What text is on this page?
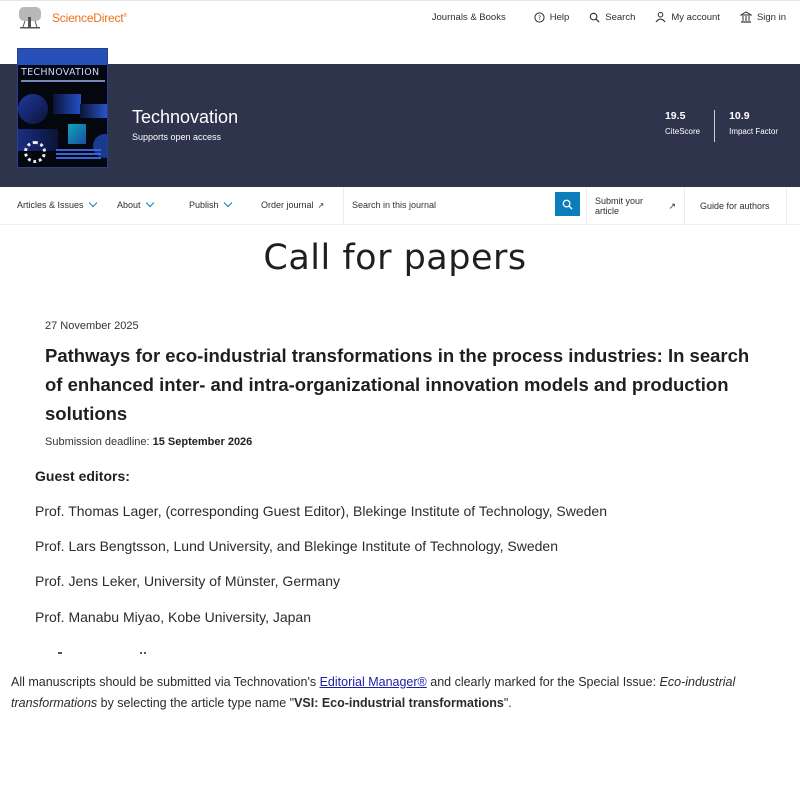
ScienceDirect®	Journals & Books	? Help	Search	My account	Sign in
Technovation
Supports open access
19.5
CiteScore
10.9
Impact Factor
TECHNOVATION
Articles & Issues	About	Publish	Order journal ↗
Search in this journal	Submit your article
↗	Guide for authors
Call for papers
27 November 2025
Pathways for eco-industrial transformations in the process industries: In search of enhanced inter- and intra-organizational innovation models and production solutions
Submission deadline: 15 September 2026
Guest editors:
Prof. Thomas Lager, (corresponding Guest Editor), Blekinge Institute of Technology, Sweden
Prof. Lars Bengtsson, Lund University, and Blekinge Institute of Technology, Sweden
Prof. Jens Leker, University of Münster, Germany
Prof. Manabu Miyao, Kobe University, Japan
All manuscripts should be submitted via Technovation's Editorial Manager® and clearly marked for the Special Issue: Eco-industrial transformations by selecting the article type name "VSI: Eco-industrial transformations".
